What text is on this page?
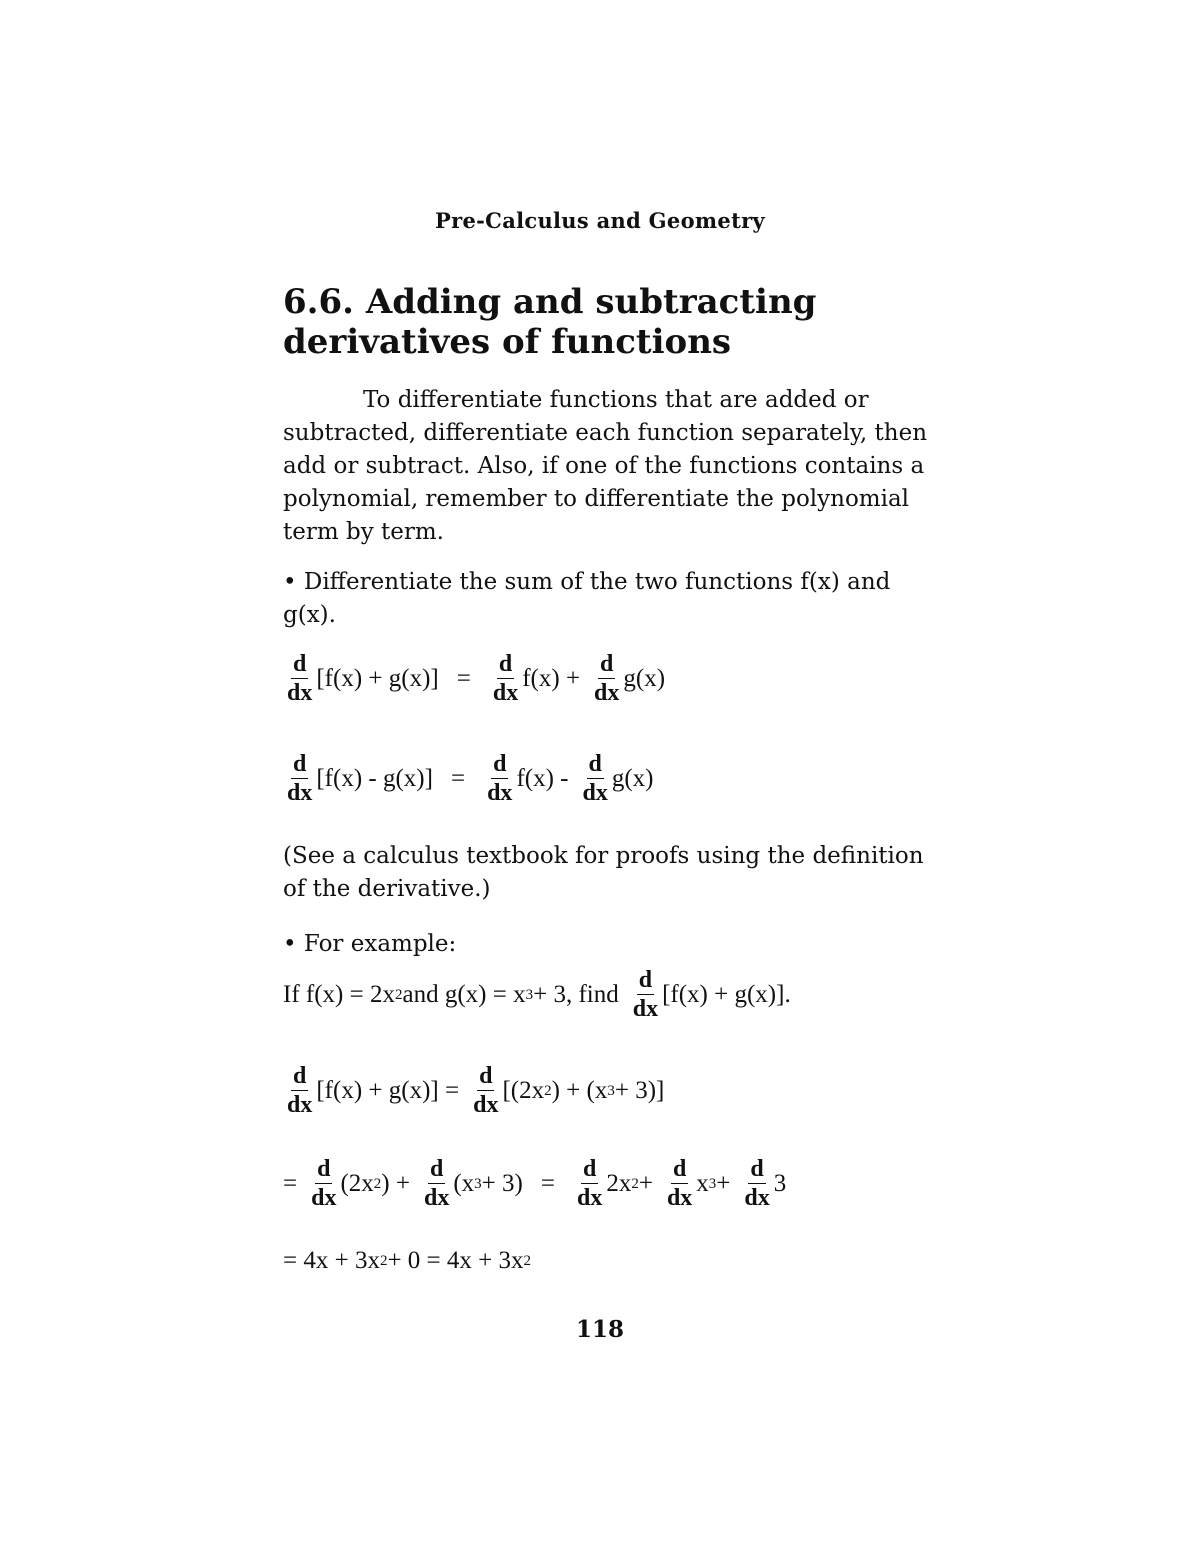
Pre-Calculus and Geometry
6.6. Adding and subtracting
derivatives of functions
To differentiate functions that are added or
subtracted, differentiate each function separately, then
add or subtract. Also, if one of the functions contains a
polynomial, remember to differentiate the polynomial
term by term.
• Differentiate the sum of the two functions f(x) and
g(x).
$\frac{d}{dx} [f(x) + g(x)] = \frac{d}{dx} f(x) + \frac{d}{dx} g(x)$
$\frac{d}{dx} [f(x) - g(x)] = \frac{d}{dx} f(x) - \frac{d}{dx} g(x)$
(See a calculus textbook for proofs using the definition
of the derivative.)
• For example:
If f(x) = 2x 2 and g(x) = x 3 + 3, find $\frac{d}{dx} [f(x) + g(x)]$.
$\frac{d}{dx} [f(x) + g(x)] = \frac{d}{dx} [(2x$ 2 ) + (x 3 + 3)]
= $\frac{d}{dx} (2x$ 2 ) + $\frac{d}{dx} (x$ $3 + 3) = \frac{d}{dx} 2x$ $2 + \frac{d}{dx}$ x $3 + \frac{d}{dx} 3$
= 4x + 3x 2 + 0 = 4x + 3x 2
118
